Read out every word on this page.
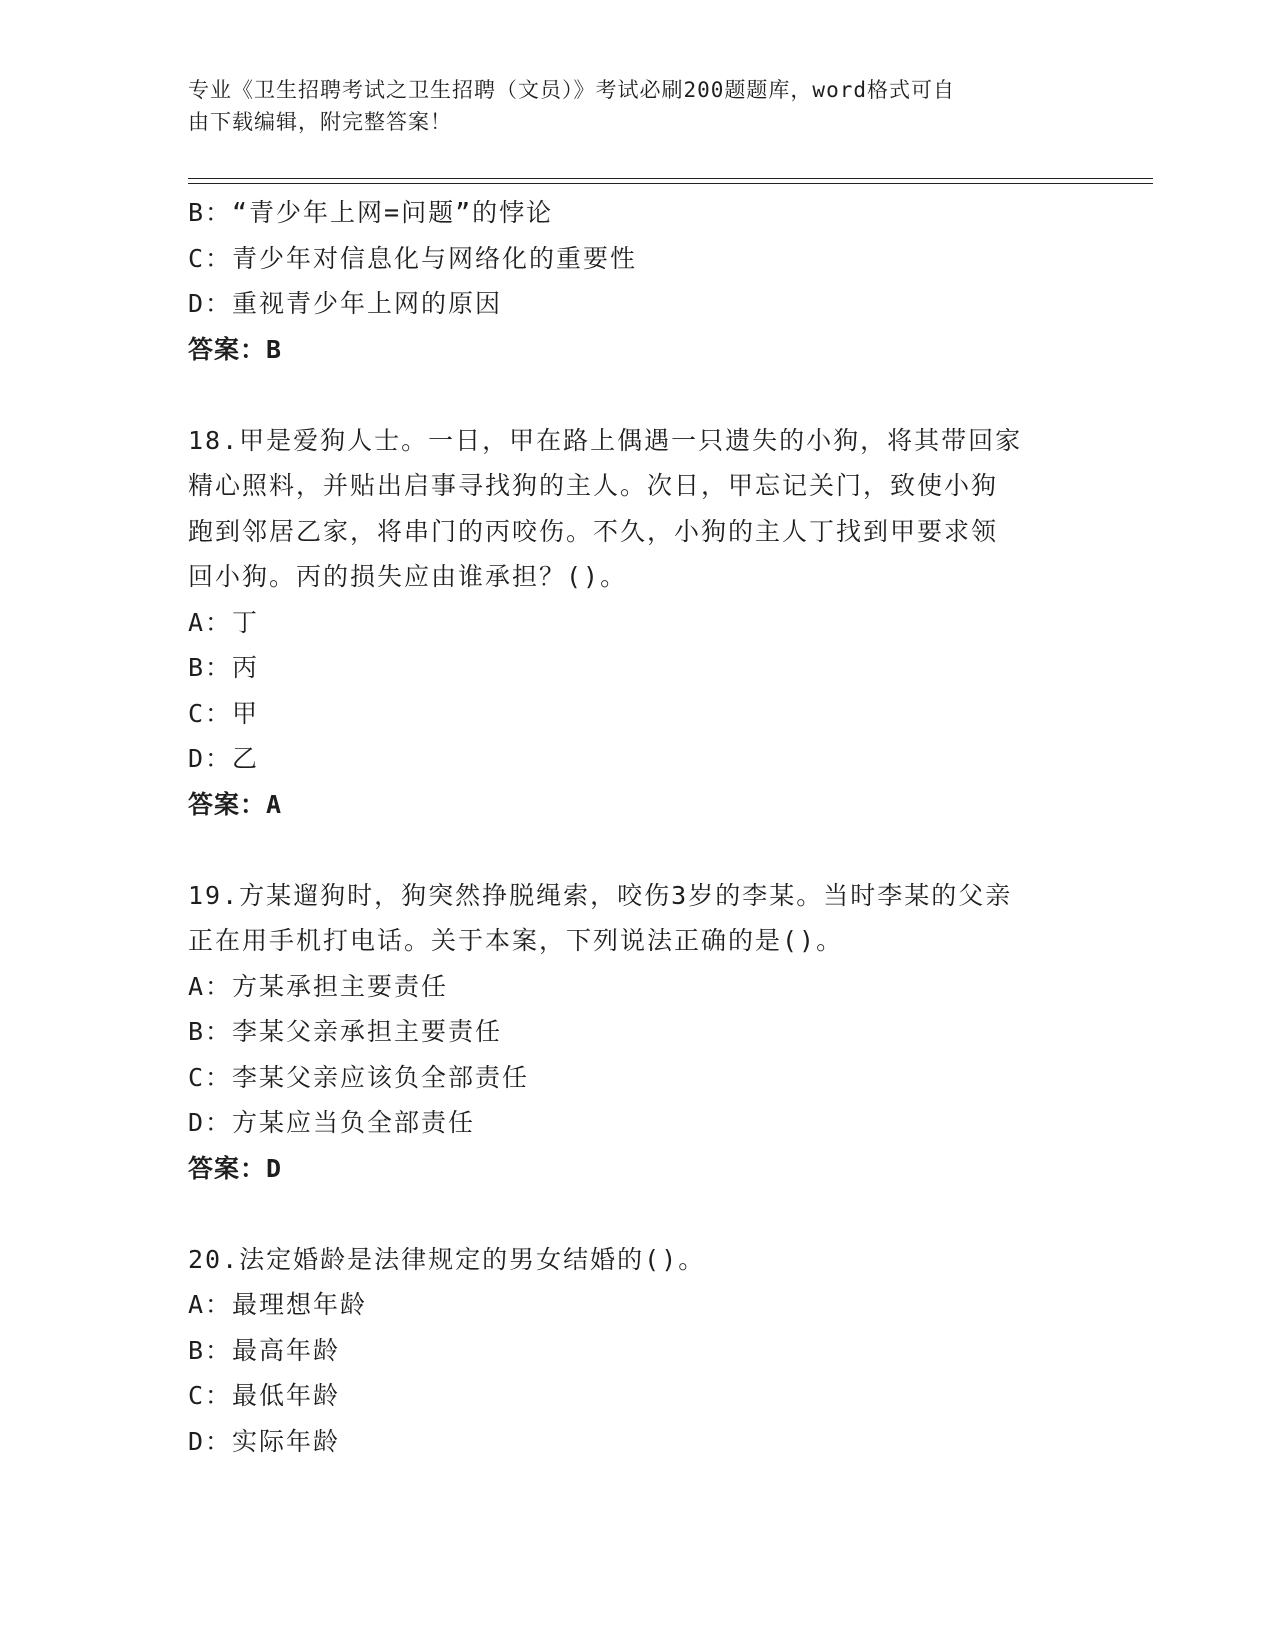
专业《卫生招聘考试之卫生招聘（文员）》考试必刷200题题库，word格式可自
由下载编辑，附完整答案！
B：“青少年上网=问题”的悖论
C：青少年对信息化与网络化的重要性
D：重视青少年上网的原因
答案：B
18.甲是爱狗人士。一日，甲在路上偶遇一只遗失的小狗，将其带回家
精心照料，并贴出启事寻找狗的主人。次日，甲忘记关门，致使小狗
跑到邻居乙家，将串门的丙咬伤。不久，小狗的主人丁找到甲要求领
回小狗。丙的损失应由谁承担？()。
A：丁
B：丙
C：甲
D：乙
答案：A
19.方某遛狗时，狗突然挣脱绳索，咬伤3岁的李某。当时李某的父亲
正在用手机打电话。关于本案，下列说法正确的是()。
A：方某承担主要责任
B：李某父亲承担主要责任
C：李某父亲应该负全部责任
D：方某应当负全部责任
答案：D
20.法定婚龄是法律规定的男女结婚的()。
A：最理想年龄
B：最高年龄
C：最低年龄
D：实际年龄
